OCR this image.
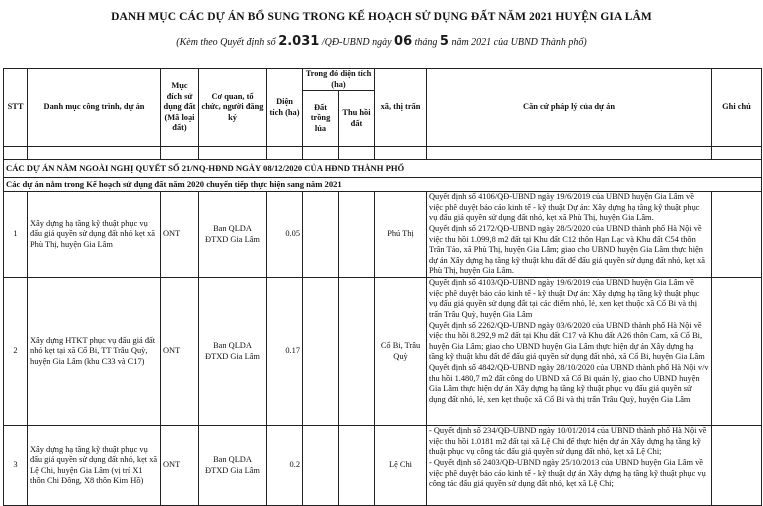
DANH MỤC CÁC DỰ ÁN BỔ SUNG TRONG KẾ HOẠCH SỬ DỤNG ĐẤT NĂM 2021 HUYỆN GIA LÂM
(Kèm theo Quyết định số 2.031 /QĐ-UBND ngày 06 tháng 5 năm 2021 của UBND Thành phố)
STT	Danh mục công trình, dự án	Mục đích sử dụng đất (Mã loại đất)	Cơ quan, tổ chức, người đăng ký	Diện tích (ha)	Trong đó diện tích (ha)		xã, thị trấn	Căn cứ pháp lý của dự án	Ghi chú
					Đất trồng lúa	Thu hồi đất			

CÁC DỰ ÁN NẰM NGOÀI NGHỊ QUYẾT SỐ 21/NQ-HĐND NGÀY 08/12/2020 CỦA HĐND THÀNH PHỐ									
Các dự án nằm trong Kế hoạch sử dụng đất năm 2020 chuyển tiếp thực hiện sang năm 2021									
1	Xây dựng hạ tầng kỹ thuật phục vụ đấu giá quyền sử dụng đất nhỏ kẹt xã Phù Thị, huyện Gia Lâm	ONT	Ban QLDA ĐTXD Gia Lâm	0.05			Phú Thị	Quyết định số 4106/QĐ-UBND ngày 19/6/2019 của UBND huyện Gia Lâm về việc phê duyệt báo cáo kinh tế - kỹ thuật Dự án: Xây dựng hạ tầng kỹ thuật phục vụ đấu giá quyền sử dụng đất nhỏ, kẹt xã Phù Thị, huyện Gia Lâm.
Quyết định số 2172/QĐ-UBND ngày 28/5/2020 của UBND thành phố Hà Nội về việc thu hồi 1.099,8 m2 đất tại Khu đất C12 thôn Hạn Lạc và Khu đất C54 thôn Trân Tảo, xã Phù Thị, huyện Gia Lâm; giao cho UBND huyện Gia Lâm thực hiện dự án Xây dựng hạ tầng kỹ thuật khu đất để đấu giá quyền sử dụng đất nhỏ, kẹt xã Phù Thị, huyện Gia Lâm.	

2	Xây dựng HTKT phục vụ đấu giá đất nhỏ kẹt tại xã Cổ Bi, TT Trâu Quỳ, huyện Gia Lâm (khu C33 và C17)	ONT	Ban QLDA ĐTXD Gia Lâm	0.17			Cổ Bi, Trâu Quỳ	Quyết định số 4103/QĐ-UBND ngày 19/6/2019 của UBND huyện Gia Lâm về việc phê duyệt báo cáo kinh tế - kỹ thuật Dự án: Xây dựng hạ tầng kỹ thuật phục vụ đấu giá quyền sử dụng đất tại các điểm nhỏ, lẻ, xen kẹt thuộc xã Cổ Bi và thị trấn Trâu Quỳ, huyện Gia Lâm
Quyết định số 2262/QĐ-UBND ngày 03/6/2020 của UBND thành phố Hà Nội về việc thu hồi 8.292,9 m2 đất tại Khu đất C17 và Khu đất A26 thôn Cam, xã Cổ Bi, huyện Gia Lâm; giao cho UBND huyện Gia Lâm thực hiện dự án Xây dựng hạ tầng kỹ thuật khu đất để đấu giá quyền sử dụng đất nhỏ, xã Cổ Bi, huyện Gia Lâm
Quyết định số 4842/QĐ-UBND ngày 28/10/2020 của UBND thành phố Hà Nội v/v thu hồi 1.480,7 m2 đất công do UBND xã Cổ Bi quản lý, giao cho UBND huyện Gia Lâm thực hiện dự án Xây dựng hạ tầng kỹ thuật phục vụ đấu giá quyền sử dụng đất nhỏ, lẻ, xen kẹt thuộc xã Cổ Bi và thị trấn Trâu Quỳ, huyện Gia Lâm	

3	Xây dựng hạ tầng kỹ thuật phục vụ đấu giá quyền sử dụng đất nhỏ, kẹt xã Lệ Chi, huyện Gia Lâm (vị trí X1 thôn Chi Đông, X8 thôn Kim Hồ)	ONT	Ban QLDA ĐTXD Gia Lâm	0.2			Lệ Chi	- Quyết định số 234/QĐ-UBND ngày 10/01/2014 của UBND thành phố Hà Nội về việc thu hồi 1.0181 m2 đất tại xã Lệ Chi để thực hiện dự án Xây dựng hạ tầng kỹ thuật phục vụ công tác đấu giá quyền sử dụng đất nhỏ, kẹt xã Lệ Chi;
- Quyết định số 2403/QĐ-UBND ngày 25/10/2013 của UBND huyện Gia Lâm về việc phê duyệt báo cáo kinh tế - kỹ thuật dự án Xây dựng hạ tầng kỹ thuật phục vụ công tác đấu giá quyền sử dụng đất nhỏ, kẹt xã Lệ Chi;	
